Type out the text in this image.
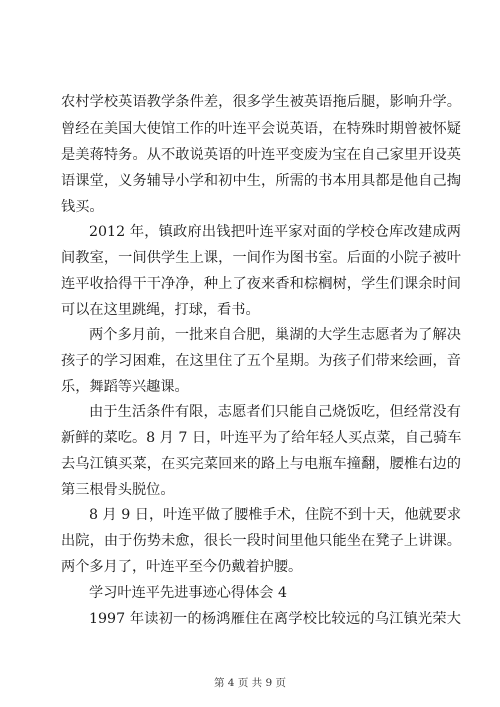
农村学校英语教学条件差，很多学生被英语拖后腿，影响升学。
曾经在美国大使馆工作的叶连平会说英语，在特殊时期曾被怀疑
是美蒋特务。从不敢说英语的叶连平变废为宝在自己家里开设英
语课堂，义务辅导小学和初中生，所需的书本用具都是他自己掏
钱买。
2012 年，镇政府出钱把叶连平家对面的学校仓库改建成两
间教室，一间供学生上课，一间作为图书室。后面的小院子被叶
连平收拾得干干净净，种上了夜来香和棕榈树，学生们课余时间
可以在这里跳绳，打球，看书。
两个多月前，一批来自合肥，巢湖的大学生志愿者为了解决
孩子的学习困难，在这里住了五个星期。为孩子们带来绘画，音
乐，舞蹈等兴趣课。
由于生活条件有限，志愿者们只能自己烧饭吃，但经常没有
新鲜的菜吃。8 月 7 日，叶连平为了给年轻人买点菜，自己骑车
去乌江镇买菜，在买完菜回来的路上与电瓶车撞翻，腰椎右边的
第三根骨头脱位。
8 月 9 日，叶连平做了腰椎手术，住院不到十天，他就要求
出院，由于伤势未愈，很长一段时间里他只能坐在凳子上讲课。
两个多月了，叶连平至今仍戴着护腰。
学习叶连平先进事迹心得体会 4
1997 年读初一的杨鸿雁住在离学校比较远的乌江镇光荣大
第 4 页 共 9 页
